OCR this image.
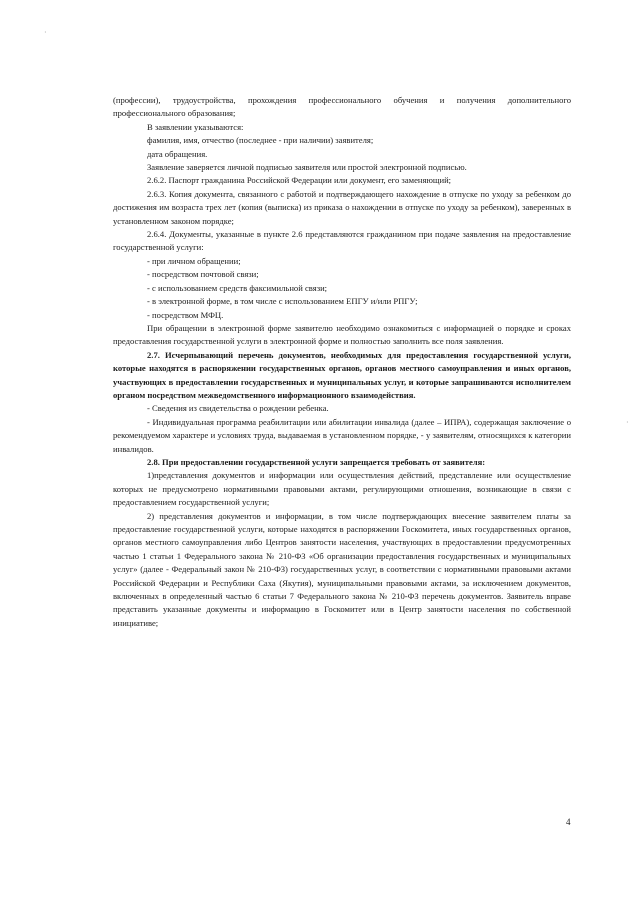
(профессии), трудоустройства, прохождения профессионального обучения и получения дополнительного профессионального образования;

В заявлении указываются:

фамилия, имя, отчество (последнее - при наличии) заявителя;

дата обращения.

Заявление заверяется личной подписью заявителя или простой электронной подписью.

2.6.2. Паспорт гражданина Российской Федерации или документ, его заменяющий;

2.6.3. Копия документа, связанного с работой и подтверждающего нахождение в отпуске по уходу за ребенком до достижения им возраста трех лет (копия (выписка) из приказа о нахождении в отпуске по уходу за ребенком), заверенных в установленном законом порядке;

2.6.4. Документы, указанные в пункте 2.6 представляются гражданином при подаче заявления на предоставление государственной услуги:

- при личном обращении;

- посредством почтовой связи;

- с использованием средств факсимильной связи;

- в электронной форме, в том числе с использованием ЕПГУ и/или РПГУ;

- посредством МФЦ.

При обращении в электронной форме заявителю необходимо ознакомиться с информацией о порядке и сроках предоставления государственной услуги в электронной форме и полностью заполнить все поля заявления.

2.7. Исчерпывающий перечень документов, необходимых для предоставления государственной услуги, которые находятся в распоряжении государственных органов, органов местного самоуправления и иных органов, участвующих в предоставлении государственных и муниципальных услуг, и которые запрашиваются исполнителем органом посредством межведомственного информационного взаимодействия.

- Сведения из свидетельства о рождении ребенка.

- Индивидуальная программа реабилитации или абилитации инвалида (далее – ИПРА), содержащая заключение о рекомендуемом характере и условиях труда, выдаваемая в установленном порядке, - у заявителям, относящихся к категории инвалидов.

2.8. При предоставлении государственной услуги запрещается требовать от заявителя:

1)представления документов и информации или осуществления действий, представление или осуществление которых не предусмотрено нормативными правовыми актами, регулирующими отношения, возникающие в связи с предоставлением государственной услуги;

2) представления документов и информации, в том числе подтверждающих внесение заявителем платы за предоставление государственной услуги, которые находятся в распоряжении Госкомитета, иных государственных органов, органов местного самоуправления либо Центров занятости населения, участвующих в предоставлении предусмотренных частью 1 статьи 1 Федерального закона № 210-ФЗ «Об организации предоставления государственных и муниципальных услуг» (далее - Федеральный закон № 210-ФЗ) государственных услуг, в соответствии с нормативными правовыми актами Российской Федерации и Республики Саха (Якутия), муниципальными правовыми актами, за исключением документов, включенных в определенный частью 6 статьи 7 Федерального закона № 210-ФЗ перечень документов. Заявитель вправе представить указанные документы и информацию в Госкомитет или в Центр занятости населения по собственной инициативе;

4
·
·
